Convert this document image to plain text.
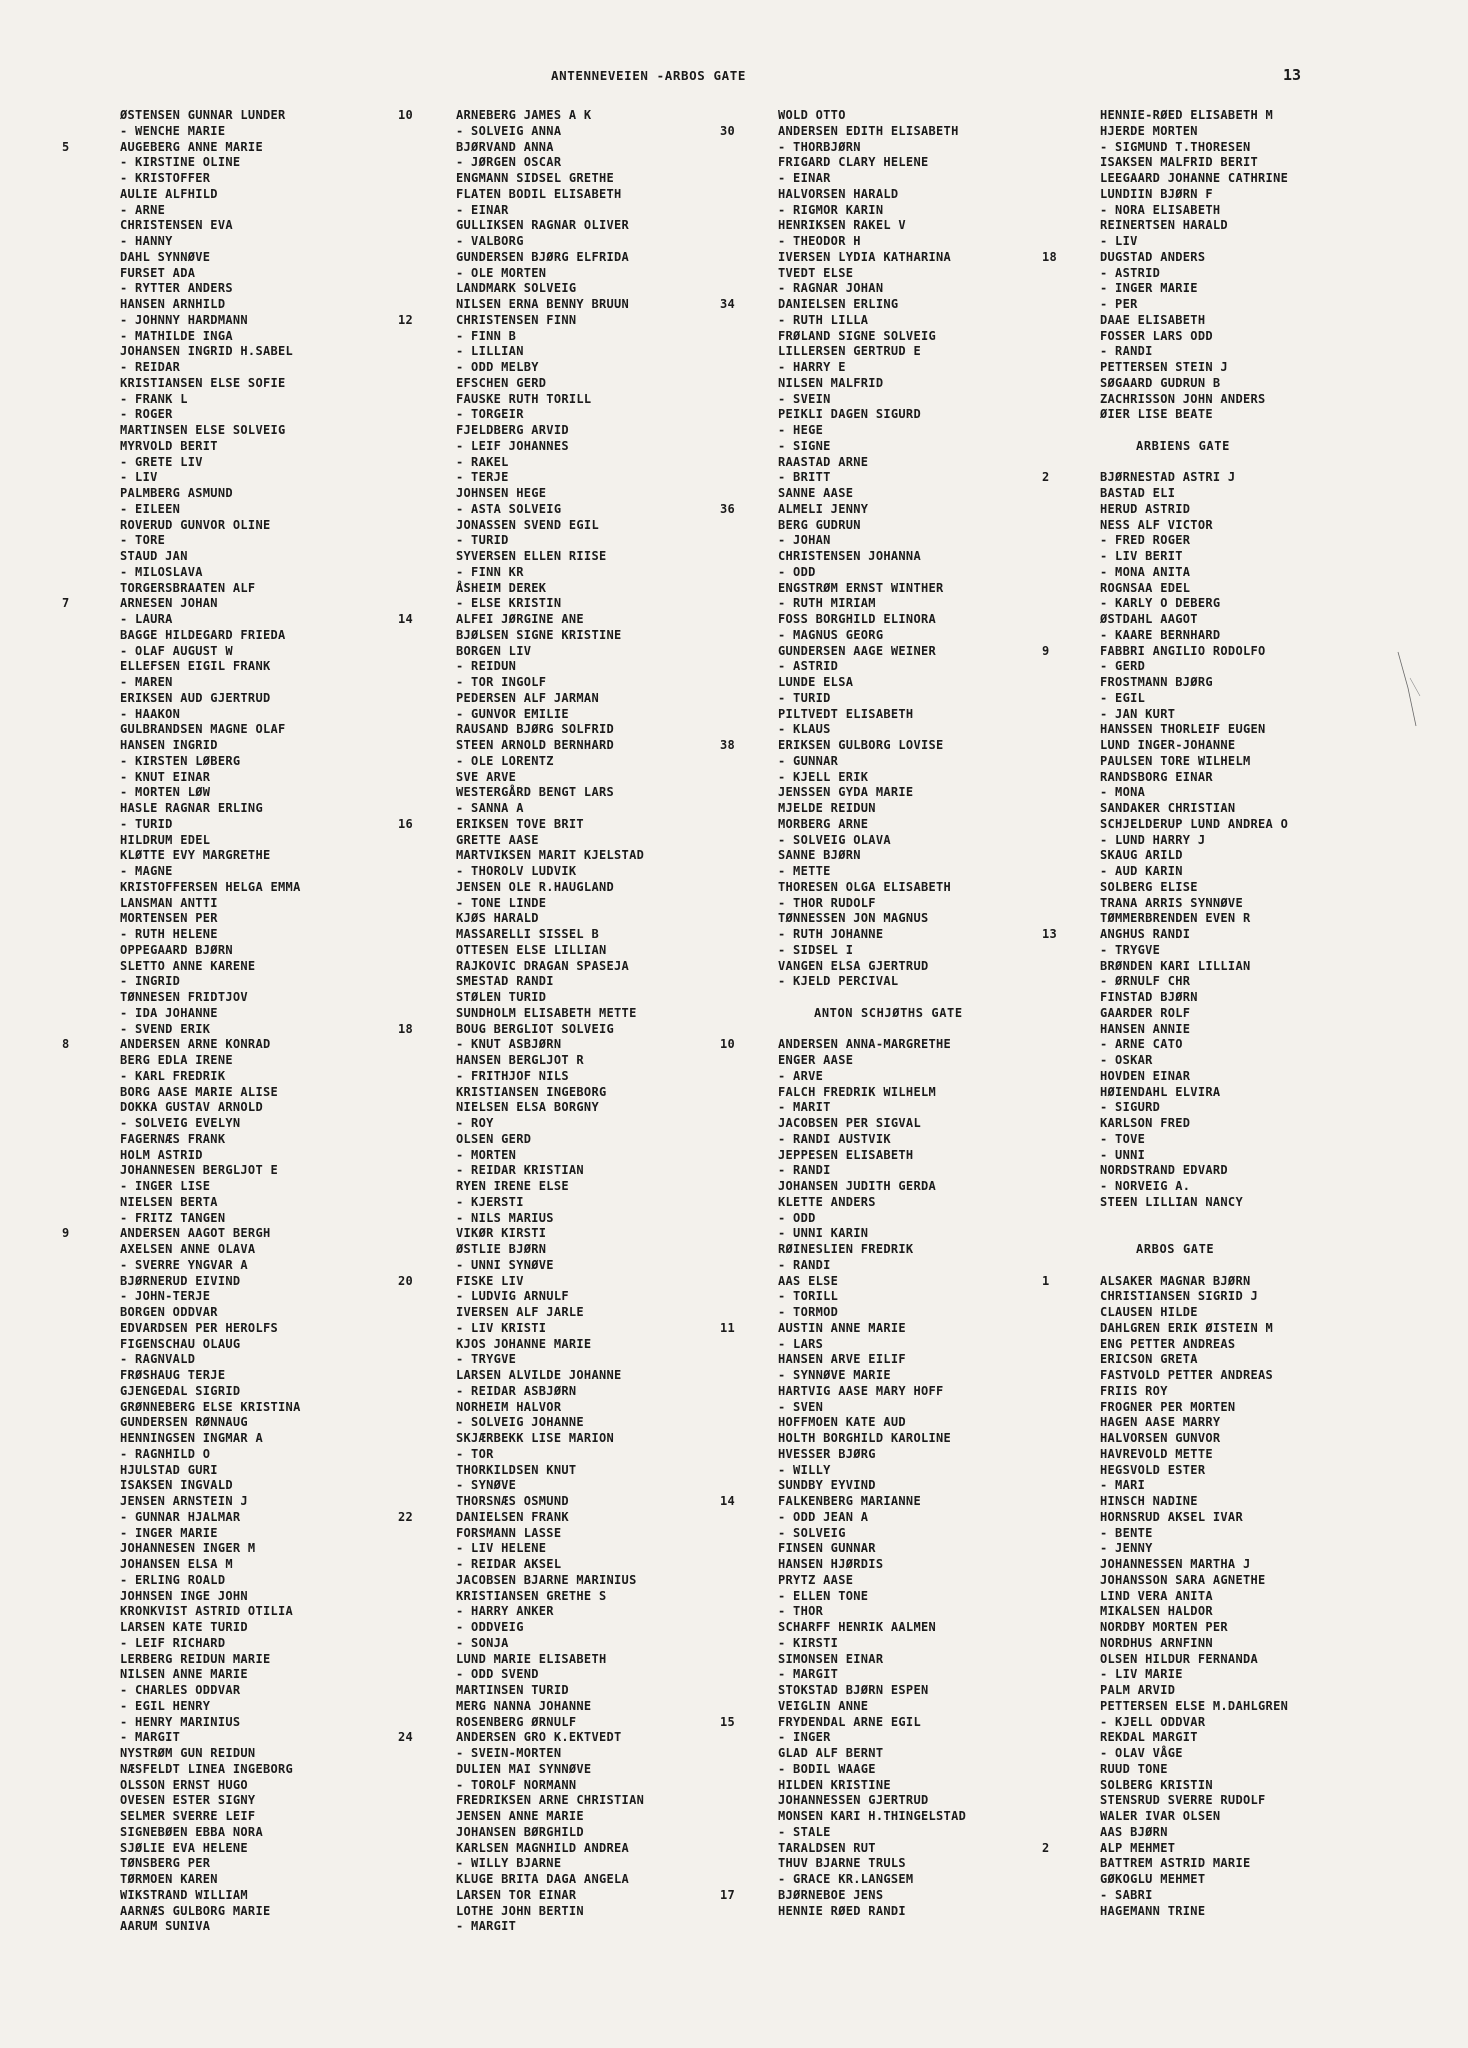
ANTENNEVEIEN -ARBOS GATE	13
ØSTENSEN GUNNAR LUNDER
- WENCHE MARIE
5	AUGEBERG ANNE MARIE
- KIRSTINE OLINE
- KRISTOFFER
AULIE ALFHILD
- ARNE
CHRISTENSEN EVA
- HANNY
DAHL SYNNØVE
FURSET ADA
- RYTTER ANDERS
HANSEN ARNHILD
- JOHNNY HARDMANN
- MATHILDE INGA
JOHANSEN INGRID H.SABEL
- REIDAR
KRISTIANSEN ELSE SOFIE
- FRANK L
- ROGER
MARTINSEN ELSE SOLVEIG
MYRVOLD BERIT
- GRETE LIV
- LIV
PALMBERG ASMUND
- EILEEN
ROVERUD GUNVOR OLINE
- TORE
STAUD JAN
- MILOSLAVA
TORGERSBRAATEN ALF
7	ARNESEN JOHAN
- LAURA
BAGGE HILDEGARD FRIEDA
- OLAF AUGUST W
ELLEFSEN EIGIL FRANK
- MAREN
ERIKSEN AUD GJERTRUD
- HAAKON
GULBRANDSEN MAGNE OLAF
HANSEN INGRID
- KIRSTEN LØBERG
- KNUT EINAR
- MORTEN LØW
HASLE RAGNAR ERLING
- TURID
HILDRUM EDEL
KLØTTE EVY MARGRETHE
- MAGNE
KRISTOFFERSEN HELGA EMMA
LANSMAN ANTTI
MORTENSEN PER
- RUTH HELENE
OPPEGAARD BJØRN
SLETTO ANNE KARENE
- INGRID
TØNNESEN FRIDTJOV
- IDA JOHANNE
- SVEND ERIK
8	ANDERSEN ARNE KONRAD
BERG EDLA IRENE
- KARL FREDRIK
BORG AASE MARIE ALISE
DOKKA GUSTAV ARNOLD
- SOLVEIG EVELYN
FAGERNÆS FRANK
HOLM ASTRID
JOHANNESEN BERGLJOT E
- INGER LISE
NIELSEN BERTA
- FRITZ TANGEN
9	ANDERSEN AAGOT BERGH
AXELSEN ANNE OLAVA
- SVERRE YNGVAR A
BJØRNERUD EIVIND
- JOHN-TERJE
BORGEN ODDVAR
EDVARDSEN PER HEROLFS
FIGENSCHAU OLAUG
- RAGNVALD
FRØSHAUG TERJE
GJENGEDAL SIGRID
GRØNNEBERG ELSE KRISTINA
GUNDERSEN RØNNAUG
HENNINGSEN INGMAR A
- RAGNHILD O
HJULSTAD GURI
ISAKSEN INGVALD
JENSEN ARNSTEIN J
- GUNNAR HJALMAR
- INGER MARIE
JOHANNESEN INGER M
JOHANSEN ELSA M
- ERLING ROALD
JOHNSEN INGE JOHN
KRONKVIST ASTRID OTILIA
LARSEN KATE TURID
- LEIF RICHARD
LERBERG REIDUN MARIE
NILSEN ANNE MARIE
- CHARLES ODDVAR
- EGIL HENRY
- HENRY MARINIUS
- MARGIT
NYSTRØM GUN REIDUN
NÆSFELDT LINEA INGEBORG
OLSSON ERNST HUGO
OVESEN ESTER SIGNY
SELMER SVERRE LEIF
SIGNEBØEN EBBA NORA
SJØLIE EVA HELENE
TØNSBERG PER
TØRMOEN KAREN
WIKSTRAND WILLIAM
AARNÆS GULBORG MARIE
AARUM SUNIVA
10	ARNEBERG JAMES A K
- SOLVEIG ANNA
BJØRVAND ANNA
- JØRGEN OSCAR
ENGMANN SIDSEL GRETHE
FLATEN BODIL ELISABETH
- EINAR
GULLIKSEN RAGNAR OLIVER
- VALBORG
GUNDERSEN BJØRG ELFRIDA
- OLE MORTEN
LANDMARK SOLVEIG
NILSEN ERNA BENNY BRUUN
12	CHRISTENSEN FINN
- FINN B
- LILLIAN
- ODD MELBY
EFSCHEN GERD
FAUSKE RUTH TORILL
- TORGEIR
FJELDBERG ARVID
- LEIF JOHANNES
- RAKEL
- TERJE
JOHNSEN HEGE
- ASTA SOLVEIG
JONASSEN SVEND EGIL
- TURID
SYVERSEN ELLEN RIISE
- FINN KR
ÅSHEIM DEREK
- ELSE KRISTIN
14	ALFEI JØRGINE ANE
BJØLSEN SIGNE KRISTINE
BORGEN LIV
- REIDUN
- TOR INGOLF
PEDERSEN ALF JARMAN
- GUNVOR EMILIE
RAUSAND BJØRG SOLFRID
STEEN ARNOLD BERNHARD
- OLE LORENTZ
SVE ARVE
WESTERGÅRD BENGT LARS
- SANNA A
16	ERIKSEN TOVE BRIT
GRETTE AASE
MARTVIKSEN MARIT KJELSTAD
- THOROLV LUDVIK
JENSEN OLE R.HAUGLAND
- TONE LINDE
KJØS HARALD
MASSARELLI SISSEL B
OTTESEN ELSE LILLIAN
RAJKOVIC DRAGAN SPASEJA
SMESTAD RANDI
STØLEN TURID
SUNDHOLM ELISABETH METTE
18	BOUG BERGLIOT SOLVEIG
- KNUT ASBJØRN
HANSEN BERGLJOT R
- FRITHJOF NILS
KRISTIANSEN INGEBORG
NIELSEN ELSA BORGNY
- ROY
OLSEN GERD
- MORTEN
- REIDAR KRISTIAN
RYEN IRENE ELSE
- KJERSTI
- NILS MARIUS
VIKØR KIRSTI
ØSTLIE BJØRN
- UNNI SYNØVE
20	FISKE LIV
- LUDVIG ARNULF
IVERSEN ALF JARLE
- LIV KRISTI
KJOS JOHANNE MARIE
- TRYGVE
LARSEN ALVILDE JOHANNE
- REIDAR ASBJØRN
NORHEIM HALVOR
- SOLVEIG JOHANNE
SKJÆRBEKK LISE MARION
- TOR
THORKILDSEN KNUT
- SYNØVE
THORSNÆS OSMUND
22	DANIELSEN FRANK
FORSMANN LASSE
- LIV HELENE
- REIDAR AKSEL
JACOBSEN BJARNE MARINIUS
KRISTIANSEN GRETHE S
- HARRY ANKER
- ODDVEIG
- SONJA
LUND MARIE ELISABETH
- ODD SVEND
MARTINSEN TURID
MERG NANNA JOHANNE
ROSENBERG ØRNULF
24	ANDERSEN GRO K.EKTVEDT
- SVEIN-MORTEN
DULIEN MAI SYNNØVE
- TOROLF NORMANN
FREDRIKSEN ARNE CHRISTIAN
JENSEN ANNE MARIE
JOHANSEN BØRGHILD
KARLSEN MAGNHILD ANDREA
- WILLY BJARNE
KLUGE BRITA DAGA ANGELA
LARSEN TOR EINAR
LOTHE JOHN BERTIN
- MARGIT
WOLD OTTO
30	ANDERSEN EDITH ELISABETH
- THORBJØRN
FRIGARD CLARY HELENE
- EINAR
HALVORSEN HARALD
- RIGMOR KARIN
HENRIKSEN RAKEL V
- THEODOR H
IVERSEN LYDIA KATHARINA
TVEDT ELSE
- RAGNAR JOHAN
34	DANIELSEN ERLING
- RUTH LILLA
FRØLAND SIGNE SOLVEIG
LILLERSEN GERTRUD E
- HARRY E
NILSEN MALFRID
- SVEIN
PEIKLI DAGEN SIGURD
- HEGE
- SIGNE
RAASTAD ARNE
- BRITT
SANNE AASE
36	ALMELI JENNY
BERG GUDRUN
- JOHAN
CHRISTENSEN JOHANNA
- ODD
ENGSTRØM ERNST WINTHER
- RUTH MIRIAM
FOSS BORGHILD ELINORA
- MAGNUS GEORG
GUNDERSEN AAGE WEINER
- ASTRID
LUNDE ELSA
- TURID
PILTVEDT ELISABETH
- KLAUS
38	ERIKSEN GULBORG LOVISE
- GUNNAR
- KJELL ERIK
JENSSEN GYDA MARIE
MJELDE REIDUN
MORBERG ARNE
- SOLVEIG OLAVA
SANNE BJØRN
- METTE
THORESEN OLGA ELISABETH
- THOR RUDOLF
TØNNESSEN JON MAGNUS
- RUTH JOHANNE
- SIDSEL I
VANGEN ELSA GJERTRUD
- KJELD PERCIVAL
ANTON SCHJØTHS GATE
10	ANDERSEN ANNA-MARGRETHE
ENGER AASE
- ARVE
FALCH FREDRIK WILHELM
- MARIT
JACOBSEN PER SIGVAL
- RANDI AUSTVIK
JEPPESEN ELISABETH
- RANDI
JOHANSEN JUDITH GERDA
KLETTE ANDERS
- ODD
- UNNI KARIN
RØINESLIEN FREDRIK
- RANDI
AAS ELSE
- TORILL
- TORMOD
11	AUSTIN ANNE MARIE
- LARS
HANSEN ARVE EILIF
- SYNNØVE MARIE
HARTVIG AASE MARY HOFF
- SVEN
HOFFMOEN KATE AUD
HOLTH BORGHILD KAROLINE
HVESSER BJØRG
- WILLY
SUNDBY EYVIND
14	FALKENBERG MARIANNE
- ODD JEAN A
- SOLVEIG
FINSEN GUNNAR
HANSEN HJØRDIS
PRYTZ AASE
- ELLEN TONE
- THOR
SCHARFF HENRIK AALMEN
- KIRSTI
SIMONSEN EINAR
- MARGIT
STOKSTAD BJØRN ESPEN
VEIGLIN ANNE
15	FRYDENDAL ARNE EGIL
- INGER
GLAD ALF BERNT
- BODIL WAAGE
HILDEN KRISTINE
JOHANNESSEN GJERTRUD
MONSEN KARI H.THINGELSTAD
- STALE
TARALDSEN RUT
THUV BJARNE TRULS
- GRACE KR.LANGSEM
17	BJØRNEBOE JENS
HENNIE RØED RANDI
HENNIE-RØED ELISABETH M
HJERDE MORTEN
- SIGMUND T.THORESEN
ISAKSEN MALFRID BERIT
LEEGAARD JOHANNE CATHRINE
LUNDIIN BJØRN F
- NORA ELISABETH
REINERTSEN HARALD
- LIV
18	DUGSTAD ANDERS
- ASTRID
- INGER MARIE
- PER
DAAE ELISABETH
FOSSER LARS ODD
- RANDI
PETTERSEN STEIN J
SØGAARD GUDRUN B
ZACHRISSON JOHN ANDERS
ØIER LISE BEATE
ARBIENS GATE
2	BJØRNESTAD ASTRI J
BASTAD ELI
HERUD ASTRID
NESS ALF VICTOR
- FRED ROGER
- LIV BERIT
- MONA ANITA
ROGNSAA EDEL
- KARLY O DEBERG
ØSTDAHL AAGOT
- KAARE BERNHARD
9	FABBRI ANGILIO RODOLFO
- GERD
FROSTMANN BJØRG
- EGIL
- JAN KURT
HANSSEN THORLEIF EUGEN
LUND INGER-JOHANNE
PAULSEN TORE WILHELM
RANDSBORG EINAR
- MONA
SANDAKER CHRISTIAN
SCHJELDERUP LUND ANDREA O
- LUND HARRY J
SKAUG ARILD
- AUD KARIN
SOLBERG ELISE
TRANA ARRIS SYNNØVE
TØMMERBRENDEN EVEN R
13	ANGHUS RANDI
- TRYGVE
BRØNDEN KARI LILLIAN
- ØRNULF CHR
FINSTAD BJØRN
GAARDER ROLF
HANSEN ANNIE
- ARNE CATO
- OSKAR
HOVDEN EINAR
HØIENDAHL ELVIRA
- SIGURD
KARLSON FRED
- TOVE
- UNNI
NORDSTRAND EDVARD
- NORVEIG A.
STEEN LILLIAN NANCY
ARBOS GATE
1	ALSAKER MAGNAR BJØRN
CHRISTIANSEN SIGRID J
CLAUSEN HILDE
DAHLGREN ERIK ØISTEIN M
ENG PETTER ANDREAS
ERICSON GRETA
FASTVOLD PETTER ANDREAS
FRIIS ROY
FROGNER PER MORTEN
HAGEN AASE MARRY
HALVORSEN GUNVOR
HAVREVOLD METTE
HEGSVOLD ESTER
- MARI
HINSCH NADINE
HORNSRUD AKSEL IVAR
- BENTE
- JENNY
JOHANNESSEN MARTHA J
JOHANSSON SARA AGNETHE
LIND VERA ANITA
MIKALSEN HALDOR
NORDBY MORTEN PER
NORDHUS ARNFINN
OLSEN HILDUR FERNANDA
- LIV MARIE
PALM ARVID
PETTERSEN ELSE M.DAHLGREN
- KJELL ODDVAR
REKDAL MARGIT
- OLAV VÅGE
RUUD TONE
SOLBERG KRISTIN
STENSRUD SVERRE RUDOLF
WALER IVAR OLSEN
AAS BJØRN
2	ALP MEHMET
BATTREM ASTRID MARIE
GØKOGLU MEHMET
- SABRI
HAGEMANN TRINE
